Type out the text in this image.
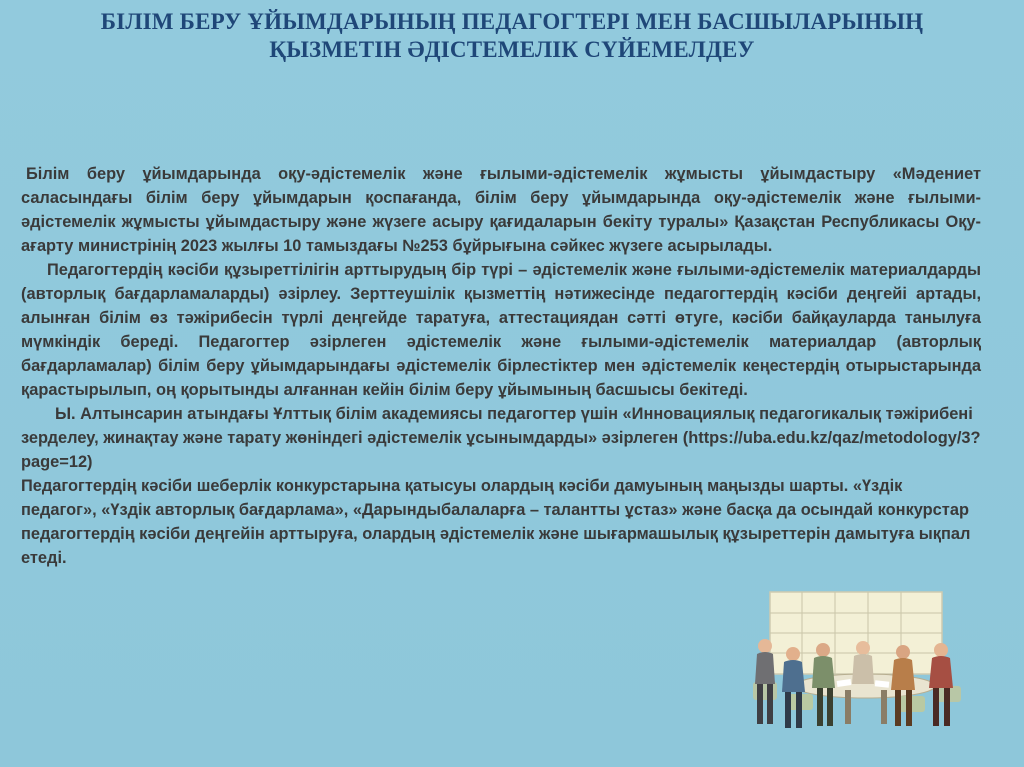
БІЛІМ БЕРУ ҰЙЫМДАРЫНЫҢ ПЕДАГОГТЕРІ МЕН БАСШЫЛАРЫНЫҢ
ҚЫЗМЕТІН ӘДІСТЕМЕЛІК СҮЙЕМЕЛДЕУ

Білім беру ұйымдарында оқу-әдістемелік және ғылыми-әдістемелік жұмысты ұйымдастыру «Мәдениет саласындағы білім беру ұйымдарын қоспағанда, білім беру ұйымдарында оқу-әдістемелік және ғылыми-әдістемелік жұмысты ұйымдастыру және жүзеге асыру қағидаларын бекіту туралы» Қазақстан Республикасы Оқу-ағарту министрінің 2023 жылғы 10 тамыздағы №253 бұйрығына сәйкес жүзеге асырылады.

Педагогтердің кәсіби құзыреттілігін арттырудың бір түрі – әдістемелік және ғылыми-әдістемелік материалдарды (авторлық бағдарламаларды) әзірлеу. Зерттеушілік қызметтің нәтижесінде педагогтердің кәсіби деңгейі артады, алынған білім өз тәжірибесін түрлі деңгейде таратуға, аттестациядан сәтті өтуге, кәсіби байқауларда танылуға мүмкіндік береді. Педагогтер әзірлеген әдістемелік және ғылыми-әдістемелік материалдар (авторлық бағдарламалар) білім беру ұйымдарындағы әдістемелік бірлестіктер мен әдістемелік кеңестердің отырыстарында қарастырылып, оң қорытынды алғаннан кейін білім беру ұйымының басшысы бекітеді.

Ы. Алтынсарин атындағы Ұлттық білім академиясы педагогтер үшін «Инновациялық педагогикалық тәжірибені зерделеу, жинақтау және тарату жөніндегі әдістемелік ұсынымдарды» әзірлеген (https://uba.edu.kz/qaz/metodology/3?page=12)

Педагогтердің кәсіби шеберлік конкурстарына қатысуы олардың кәсіби дамуының маңызды шарты. «Үздік педагог», «Үздік авторлық бағдарлама», «Дарындыбалаларға – талантты ұстаз» және басқа да осындай конкурстар педагогтердің кәсіби деңгейін арттыруға, олардың әдістемелік және шығармашылық құзыреттерін дамытуға ықпал етеді.
